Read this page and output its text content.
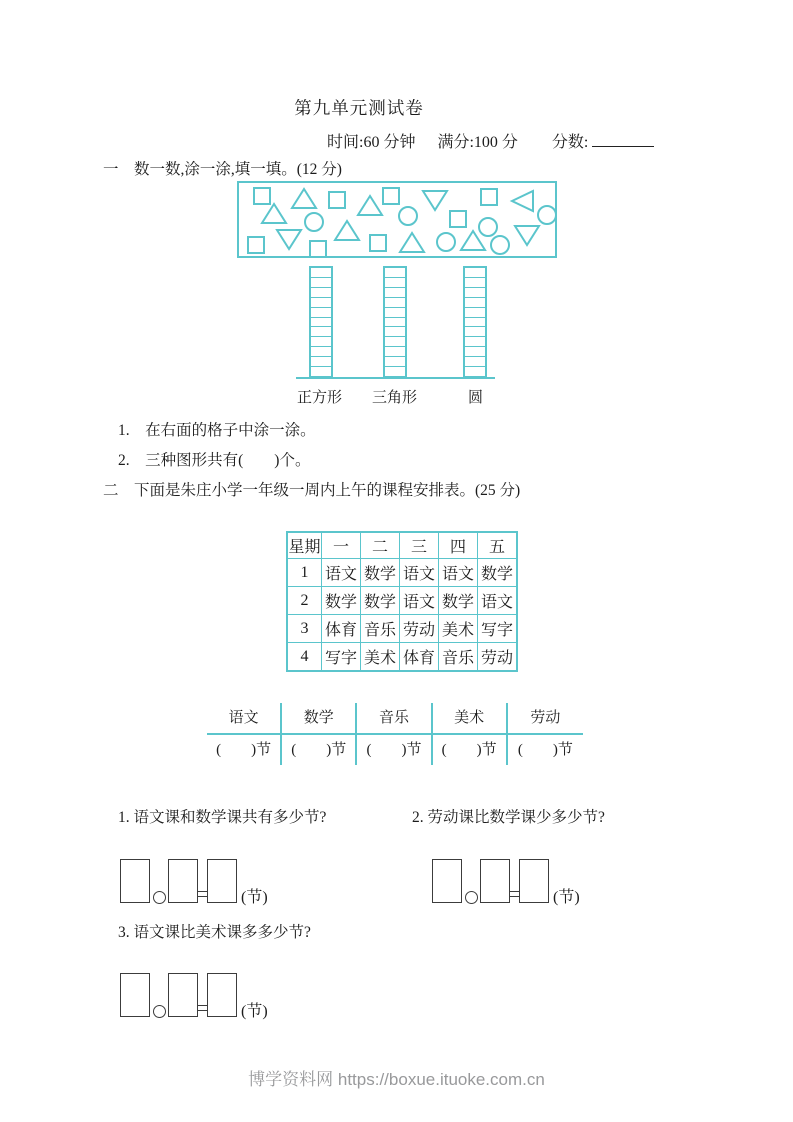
第九单元测试卷
时间:60 分钟 满分:100 分 分数:
一　数一数,涂一涂,填一填。(12 分)
正方形 三角形	圆
1.　在右面的格子中涂一涂。
2.　三种图形共有(　　)个。
二　下面是朱庄小学一年级一周内上午的课程安排表。(25 分)
星期	一	二	三	四	五
1	语文	数学	语文	语文	数学
2	数学	数学	语文	数学	语文
3	体育	音乐	劳动	美术	写字
4	写字	美术	体育	音乐	劳动
语文	数学	音乐	美术	劳动
(　　)节	(　　)节	(　　)节	(　　)节	(　　)节
1. 语文课和数学课共有多少节?	2. 劳动课比数学课少多少节?
3. 语文课比美术课多多少节?
(节)	(节)
(节)
博学资料网 https://boxue.ituoke.com.cn
